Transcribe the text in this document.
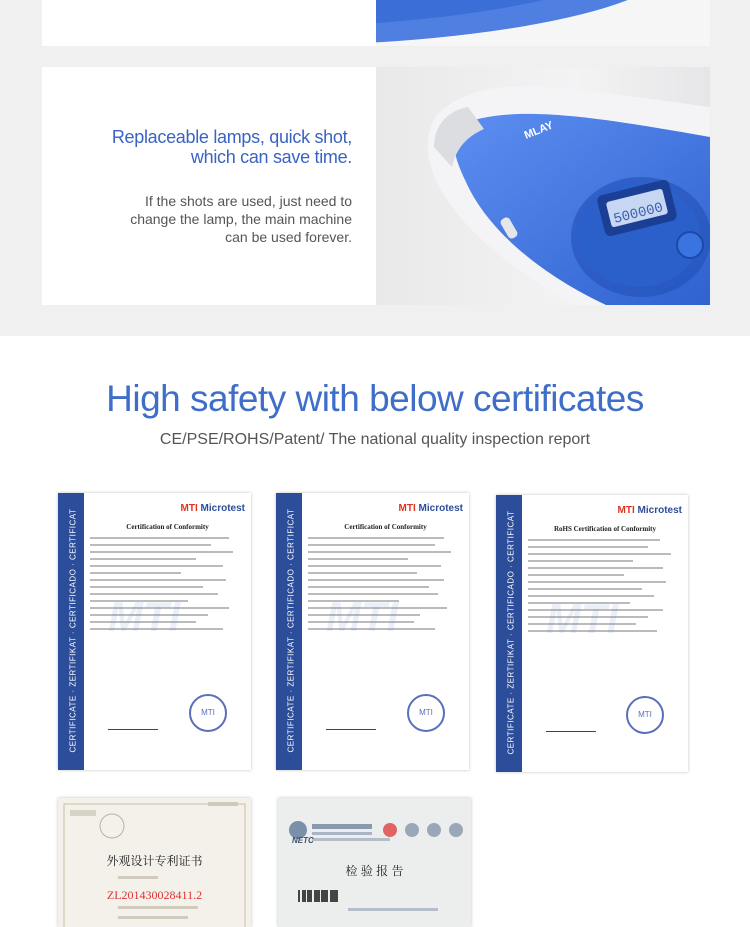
Replaceable lamps, quick shot,
which can save time.
If the shots are used, just need to
change the lamp, the main machine
can be used forever.
500000
MLAY
High safety with below certificates
CE/PSE/ROHS/Patent/ The national quality inspection report
CERTIFICATE · ZERTIFIKAT · CERTIFICADO · CERTIFICAT
MTI Microtest
Certification of Conformity
MTI
MTI	CERTIFICATE · ZERTIFIKAT · CERTIFICADO · CERTIFICAT
MTI Microtest
Certification of Conformity
MTI
MTI	CERTIFICATE · ZERTIFIKAT · CERTIFICADO · CERTIFICAT
MTI Microtest
RoHS Certification of Conformity
MTI
MTI
外观设计专利证书
ZL201430028411.2
NETC
检 验 报 告
